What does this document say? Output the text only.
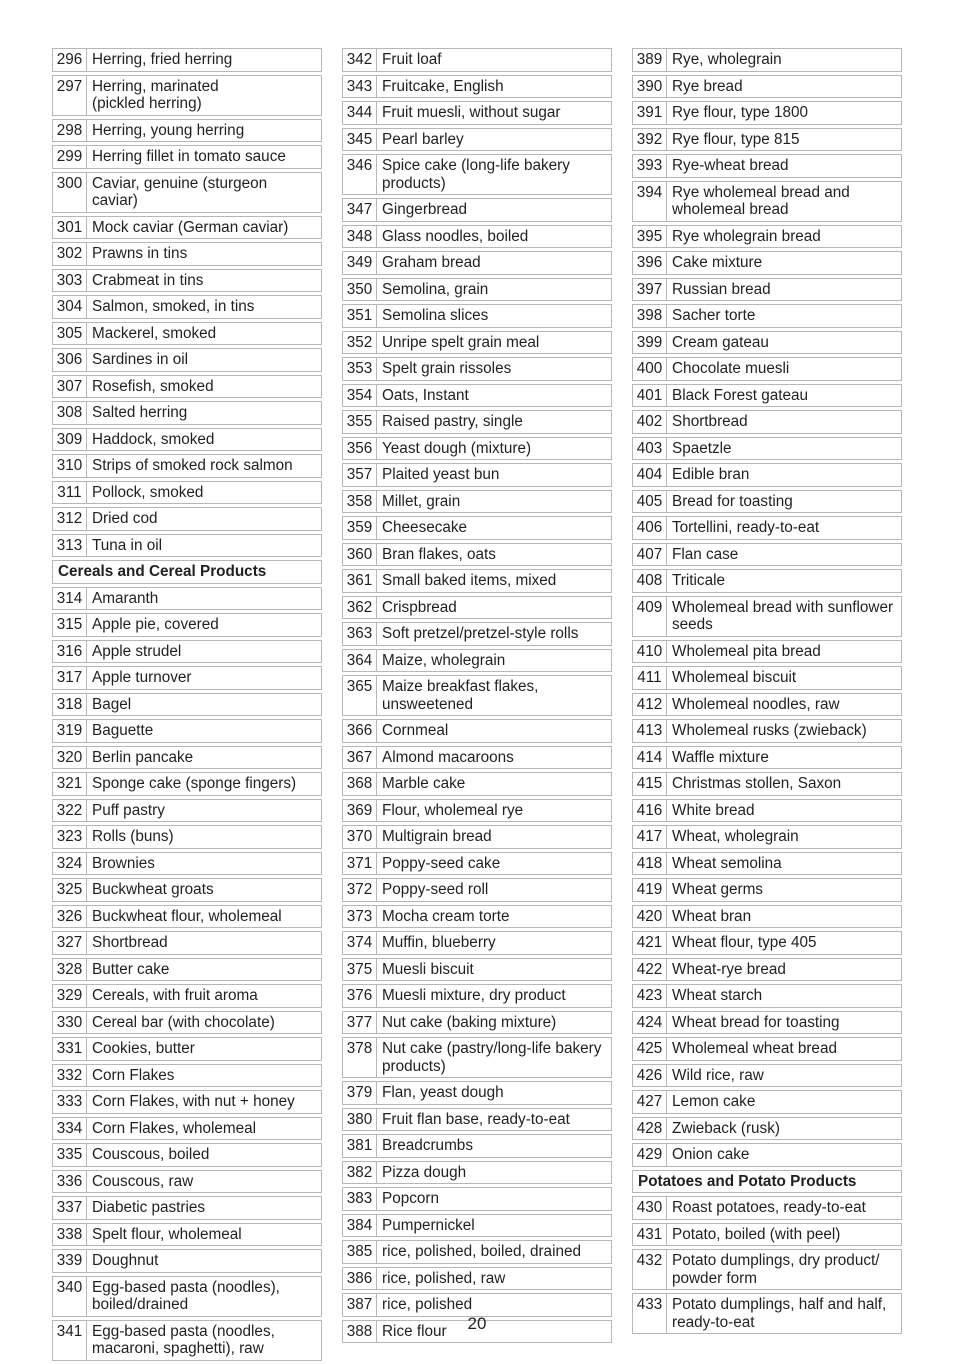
296	Herring, fried herring
297	Herring, marinated
(pickled herring)
298	Herring, young herring
299	Herring fillet in tomato sauce
300	Caviar, genuine (sturgeon caviar)
301	Mock caviar (German caviar)
302	Prawns in tins
303	Crabmeat in tins
304	Salmon, smoked, in tins
305	Mackerel, smoked
306	Sardines in oil
307	Rosefish, smoked
308	Salted herring
309	Haddock, smoked
310	Strips of smoked rock salmon
311	Pollock, smoked
312	Dried cod
313	Tuna in oil
Cereals and Cereal Products	
314	Amaranth
315	Apple pie, covered
316	Apple strudel
317	Apple turnover
318	Bagel
319	Baguette
320	Berlin pancake
321	Sponge cake (sponge fingers)
322	Puff pastry
323	Rolls (buns)
324	Brownies
325	Buckwheat groats
326	Buckwheat flour, wholemeal
327	Shortbread
328	Butter cake
329	Cereals, with fruit aroma
330	Cereal bar (with chocolate)
331	Cookies, butter
332	Corn Flakes
333	Corn Flakes, with nut + honey
334	Corn Flakes, wholemeal
335	Couscous, boiled
336	Couscous, raw
337	Diabetic pastries
338	Spelt flour, wholemeal
339	Doughnut
340	Egg-based pasta (noodles),
boiled/drained
341	Egg-based pasta (noodles,
macaroni, spaghetti), raw
342	Fruit loaf
343	Fruitcake, English
344	Fruit muesli, without sugar
345	Pearl barley
346	Spice cake (long-life bakery
products)
347	Gingerbread
348	Glass noodles, boiled
349	Graham bread
350	Semolina, grain
351	Semolina slices
352	Unripe spelt grain meal
353	Spelt grain rissoles
354	Oats, Instant
355	Raised pastry, single
356	Yeast dough (mixture)
357	Plaited yeast bun
358	Millet, grain
359	Cheesecake
360	Bran flakes, oats
361	Small baked items, mixed
362	Crispbread
363	Soft pretzel/pretzel-style rolls
364	Maize, wholegrain
365	Maize breakfast flakes,
unsweetened
366	Cornmeal
367	Almond macaroons
368	Marble cake
369	Flour, wholemeal rye
370	Multigrain bread
371	Poppy-seed cake
372	Poppy-seed roll
373	Mocha cream torte
374	Muffin, blueberry
375	Muesli biscuit
376	Muesli mixture, dry product
377	Nut cake (baking mixture)
378	Nut cake (pastry/long-life bakery
products)
379	Flan, yeast dough
380	Fruit flan base, ready-to-eat
381	Breadcrumbs
382	Pizza dough
383	Popcorn
384	Pumpernickel
385	rice, polished, boiled, drained
386	rice, polished, raw
387	rice, polished
388	Rice flour
389	Rye, wholegrain
390	Rye bread
391	Rye flour, type 1800
392	Rye flour, type 815
393	Rye-wheat bread
394	Rye wholemeal bread and
wholemeal bread
395	Rye wholegrain bread
396	Cake mixture
397	Russian bread
398	Sacher torte
399	Cream gateau
400	Chocolate muesli
401	Black Forest gateau
402	Shortbread
403	Spaetzle
404	Edible bran
405	Bread for toasting
406	Tortellini, ready-to-eat
407	Flan case
408	Triticale
409	Wholemeal bread with sunflower
seeds
410	Wholemeal pita bread
411	Wholemeal biscuit
412	Wholemeal noodles, raw
413	Wholemeal rusks (zwieback)
414	Waffle mixture
415	Christmas stollen, Saxon
416	White bread
417	Wheat, wholegrain
418	Wheat semolina
419	Wheat germs
420	Wheat bran
421	Wheat flour, type 405
422	Wheat-rye bread
423	Wheat starch
424	Wheat bread for toasting
425	Wholemeal wheat bread
426	Wild rice, raw
427	Lemon cake
428	Zwieback (rusk)
429	Onion cake
Potatoes and Potato Products	
430	Roast potatoes, ready-to-eat
431	Potato, boiled (with peel)
432	Potato dumplings, dry product/
powder form
433	Potato dumplings, half and half,
ready-to-eat
20
